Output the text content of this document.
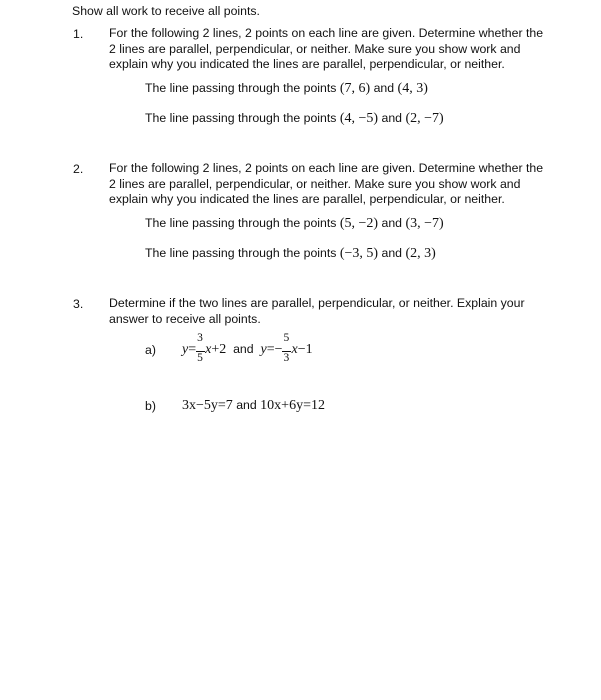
Show all work to receive all points.
1. For the following 2 lines, 2 points on each line are given. Determine whether the 2 lines are parallel, perpendicular, or neither. Make sure you show work and explain why you indicated the lines are parallel, perpendicular, or neither.
The line passing through the points (7, 6) and (4, 3)
The line passing through the points (4, −5) and (2, −7)
2. For the following 2 lines, 2 points on each line are given. Determine whether the 2 lines are parallel, perpendicular, or neither. Make sure you show work and explain why you indicated the lines are parallel, perpendicular, or neither.
The line passing through the points (5, −2) and (3, −7)
The line passing through the points (−3, 5) and (2, 3)
3. Determine if the two lines are parallel, perpendicular, or neither. Explain your answer to receive all points.
a) $y= \frac{3}{5} x+2$ and $y=- \frac{5}{3} x-1$
b) 3x−5y=7 and 10x+6y=12
